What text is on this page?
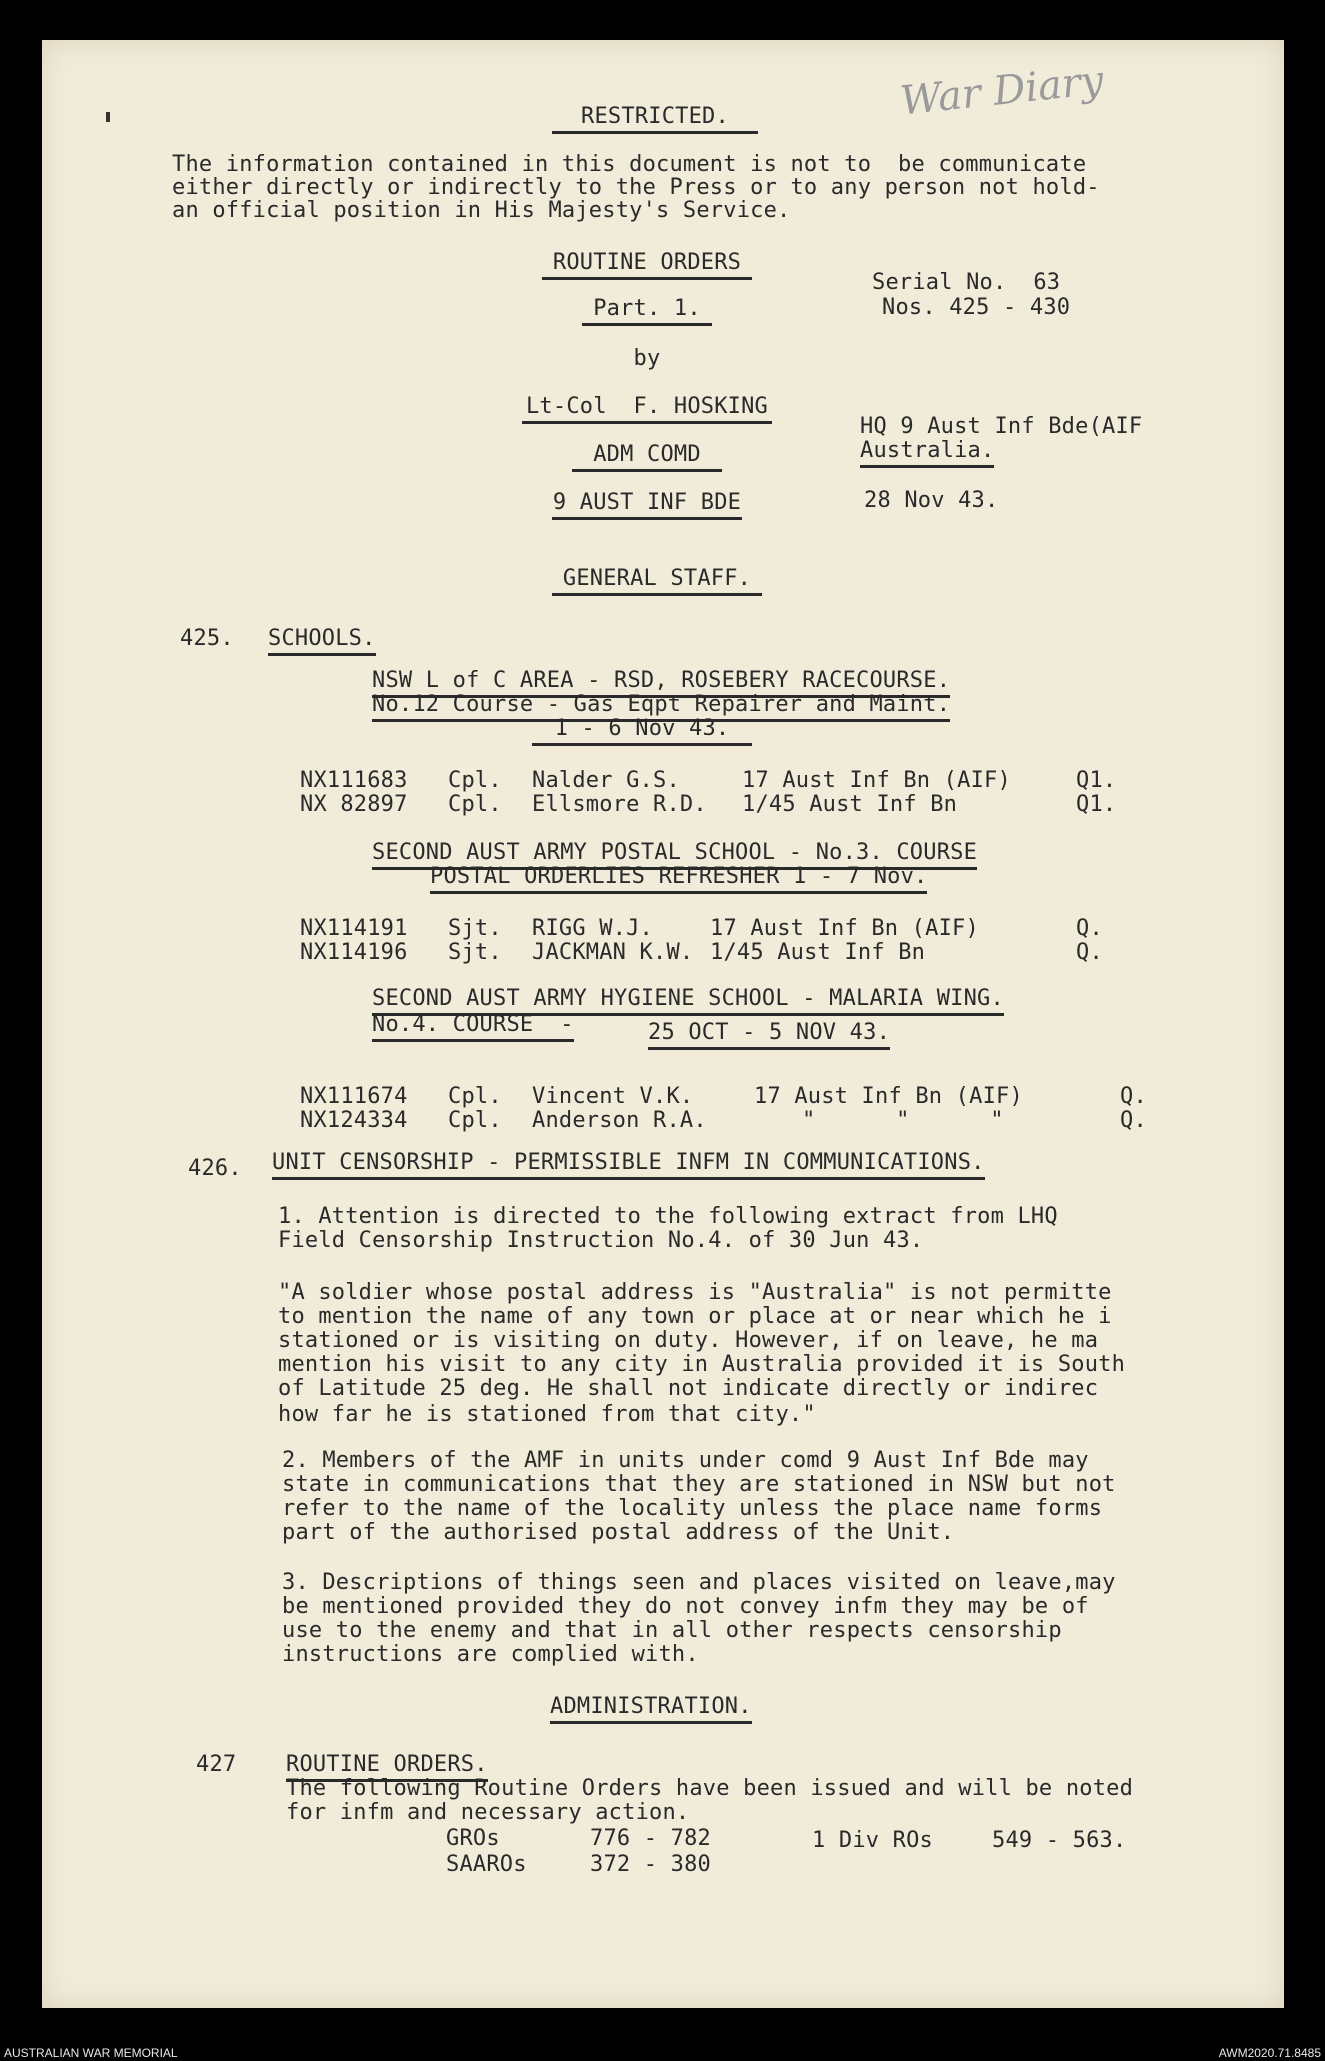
War Diary
RESTRICTED.
The information contained in this document is not to  be communicate
either directly or indirectly to the Press or to any person not hold-
an official position in His Majesty's Service.
ROUTINE ORDERS
Part. 1.
by
Lt-Col  F. HOSKING
ADM COMD
9 AUST INF BDE
Serial No.  63
Nos. 425 - 430
HQ 9 Aust Inf Bde(AIF
Australia.
28 Nov 43.
GENERAL STAFF.
425. SCHOOLS.
NSW L of C AREA - RSD, ROSEBERY RACECOURSE.
No.12 Course - Gas Eqpt Repairer and Maint.
1 - 6 Nov 43.
NX111683 Cpl. Nalder G.S.	17 Aust Inf Bn (AIF)	Q1.
NX 82897 Cpl. Ellsmore R.D. 1/45 Aust Inf Bn	Q1.
SECOND AUST ARMY POSTAL SCHOOL - No.3. COURSE
POSTAL ORDERLIES REFRESHER 1 - 7 Nov.
NX114191 Sjt. RIGG W.J.	17 Aust Inf Bn (AIF)	Q.
NX114196 Sjt. JACKMAN K.W. 1/45 Aust Inf Bn	Q.
SECOND AUST ARMY HYGIENE SCHOOL - MALARIA WING.
No.4. COURSE  -	25 OCT - 5 NOV 43.
NX111674 Cpl. Vincent V.K.	17 Aust Inf Bn (AIF)	Q.
NX124334 Cpl. Anderson R.A.	"      "      "	Q.
426. UNIT CENSORSHIP - PERMISSIBLE INFM IN COMMUNICATIONS.
1. Attention is directed to the following extract from LHQ
Field Censorship Instruction No.4. of 30 Jun 43.
"A soldier whose postal address is "Australia" is not permitte
to mention the name of any town or place at or near which he i
stationed or is visiting on duty. However, if on leave, he ma
mention his visit to any city in Australia provided it is South
of Latitude 25 deg. He shall not indicate directly or indirec
how far he is stationed from that city."
2. Members of the AMF in units under comd 9 Aust Inf Bde may
state in communications that they are stationed in NSW but not
refer to the name of the locality unless the place name forms
part of the authorised postal address of the Unit.
3. Descriptions of things seen and places visited on leave,may
be mentioned provided they do not convey infm they may be of
use to the enemy and that in all other respects censorship
instructions are complied with.
ADMINISTRATION.
427 ROUTINE ORDERS.
The following Routine Orders have been issued and will be noted
for infm and necessary action.
GROs	776 - 782
SAAROs	372 - 380
1 Div ROs	549 - 563.
AUSTRALIAN WAR MEMORIAL	AWM2020.71.8485
